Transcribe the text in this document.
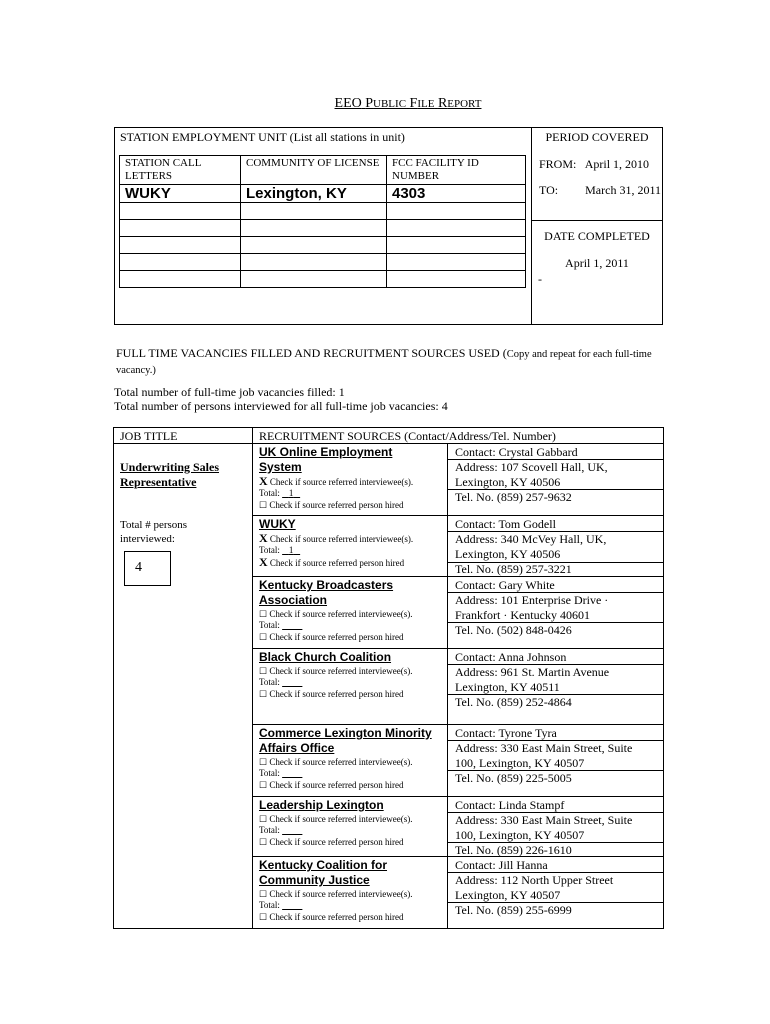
EEO PUBLIC FILE REPORT
STATION EMPLOYMENT UNIT (List all stations in unit)	PERIOD COVERED
FROM: April 1, 2010
TO: March 31, 2011
DATE COMPLETED
April 1, 2011
-
STATION CALL LETTERS	COMMUNITY OF LICENSE	FCC FACILITY ID NUMBER
WUKY	Lexington, KY	4303

FULL TIME VACANCIES FILLED AND RECRUITMENT SOURCES USED (Copy and repeat for each full-time vacancy.)
Total number of full-time job vacancies filled: 1
Total number of persons interviewed for all full-time job vacancies: 4
JOB TITLE	RECRUITMENT SOURCES (Contact/Address/Tel. Number)
Underwriting Sales
Representative
Total # persons
interviewed:
4
UK Online Employment
System
X Check if source referred interviewee(s).
Total: 1
☐ Check if source referred person hired
Contact: Crystal Gabbard
Address: 107 Scovell Hall, UK,
Lexington, KY 40506
Tel. No. (859) 257-9632
WUKY
X Check if source referred interviewee(s).
Total: 1
X Check if source referred person hired
Contact: Tom Godell
Address: 340 McVey Hall, UK,
Lexington, KY 40506
Tel. No. (859) 257-3221
Kentucky Broadcasters
Association
☐ Check if source referred interviewee(s).
Total:
☐ Check if source referred person hired
Contact: Gary White
Address: 101 Enterprise Drive ·
Frankfort · Kentucky 40601
Tel. No. (502) 848-0426
Black Church Coalition
☐ Check if source referred interviewee(s).
Total:
☐ Check if source referred person hired
Contact: Anna Johnson
Address: 961 St. Martin Avenue
Lexington, KY 40511
Tel. No. (859) 252-4864
Commerce Lexington Minority
Affairs Office
☐ Check if source referred interviewee(s).
Total:
☐ Check if source referred person hired
Contact: Tyrone Tyra
Address: 330 East Main Street, Suite
100, Lexington, KY 40507
Tel. No. (859) 225-5005
Leadership Lexington
☐ Check if source referred interviewee(s).
Total:
☐ Check if source referred person hired
Contact: Linda Stampf
Address: 330 East Main Street, Suite
100, Lexington, KY 40507
Tel. No. (859) 226-1610
Kentucky Coalition for
Community Justice
☐ Check if source referred interviewee(s).
Total:
☐ Check if source referred person hired
Contact: Jill Hanna
Address: 112 North Upper Street
Lexington, KY 40507
Tel. No. (859) 255-6999
